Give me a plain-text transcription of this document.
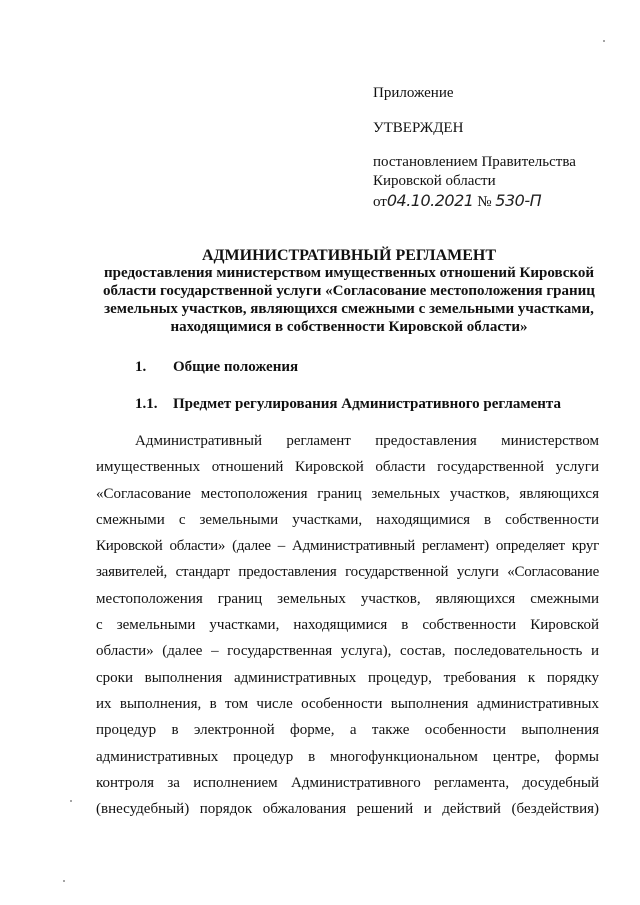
Приложение
УТВЕРЖДЕН
постановлением Правительства
Кировской области
от04.10.2021 № 530-П
АДМИНИСТРАТИВНЫЙ РЕГЛАМЕНТ
предоставления министерством имущественных отношений Кировской
области государственной услуги «Согласование местоположения границ
земельных участков, являющихся смежными с земельными участками,
находящимися в собственности Кировской области»
1. Общие положения
1.1. Предмет регулирования Административного регламента
Административный регламент предоставления министерством
имущественных отношений Кировской области государственной услуги
«Согласование местоположения границ земельных участков, являющихся
смежными с земельными участками, находящимися в собственности
Кировской области» (далее – Административный регламент) определяет круг
заявителей, стандарт предоставления государственной услуги «Согласование
местоположения границ земельных участков, являющихся смежными
с земельными участками, находящимися в собственности Кировской
области» (далее – государственная услуга), состав, последовательность и
сроки выполнения административных процедур, требования к порядку
их выполнения, в том числе особенности выполнения административных
процедур в электронной форме, а также особенности выполнения
административных процедур в многофункциональном центре, формы
контроля за исполнением Административного регламента, досудебный
(внесудебный) порядок обжалования решений и действий (бездействия)
